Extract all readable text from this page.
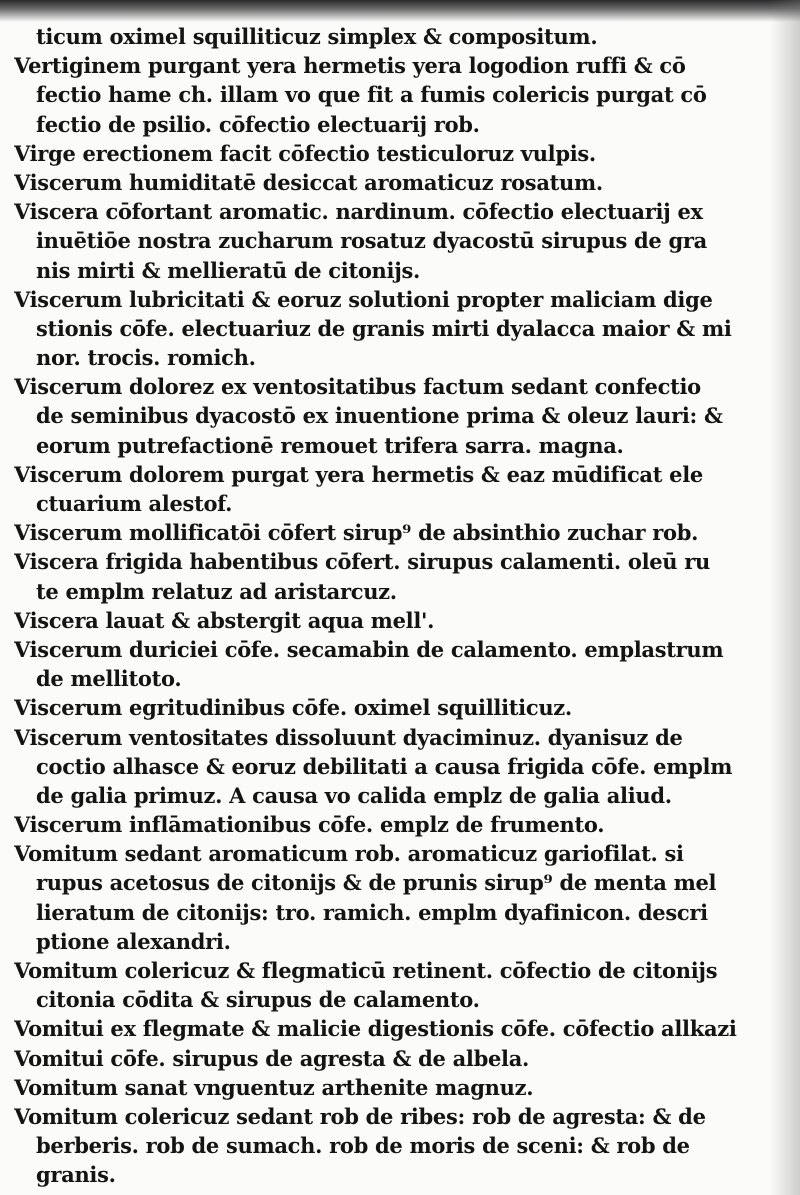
ticum oximel squilliticuz simplex & compositum.
Vertiginem purgant yera hermetis yera logodion ruffi & cō
fectio hame ch. illam vo que fit a fumis colericis purgat cō
fectio de psilio. cōfectio electuarij rob.
Virge erectionem facit cōfectio testiculoruz vulpis.
Viscerum humiditatē desiccat aromaticuz rosatum.
Viscera cōfortant aromatic. nardinum. cōfectio electuarij ex
inuētiōe nostra zucharum rosatuz dyacostū sirupus de gra
nis mirti & mellieratū de citonijs.
Viscerum lubricitati & eoruz solutioni propter maliciam dige
stionis cōfe. electuariuz de granis mirti dyalacca maior & mi
nor. trocis. romich.
Viscerum dolorez ex ventositatibus factum sedant confectio
de seminibus dyacostō ex inuentione prima & oleuz lauri: &
eorum putrefactionē remouet trifera sarra. magna.
Viscerum dolorem purgat yera hermetis & eaz mūdificat ele
ctuarium alestof.
Viscerum mollificatōi cōfert sirup⁹ de absinthio zuchar rob.
Viscera frigida habentibus cōfert. sirupus calamenti. oleū ru
te emplm relatuz ad aristarcuz.
Viscera lauat & abstergit aqua mell'.
Viscerum duriciei cōfe. secamabin de calamento. emplastrum
de mellitoto.
Viscerum egritudinibus cōfe. oximel squilliticuz.
Viscerum ventositates dissoluunt dyaciminuz. dyanisuz de
coctio alhasce & eoruz debilitati a causa frigida cōfe. emplm
de galia primuz. A causa vo calida emplz de galia aliud.
Viscerum inflāmationibus cōfe. emplz de frumento.
Vomitum sedant aromaticum rob. aromaticuz gariofilat. si
rupus acetosus de citonijs & de prunis sirup⁹ de menta mel
lieratum de citonijs: tro. ramich. emplm dyafinicon. descri
ptione alexandri.
Vomitum colericuz & flegmaticū retinent. cōfectio de citonijs
citonia cōdita & sirupus de calamento.
Vomitui ex flegmate & malicie digestionis cōfe. cōfectio allkazi
Vomitui cōfe. sirupus de agresta & de albela.
Vomitum sanat vnguentuz arthenite magnuz.
Vomitum colericuz sedant rob de ribes: rob de agresta: & de
berberis. rob de sumach. rob de moris de sceni: & rob de
granis.
